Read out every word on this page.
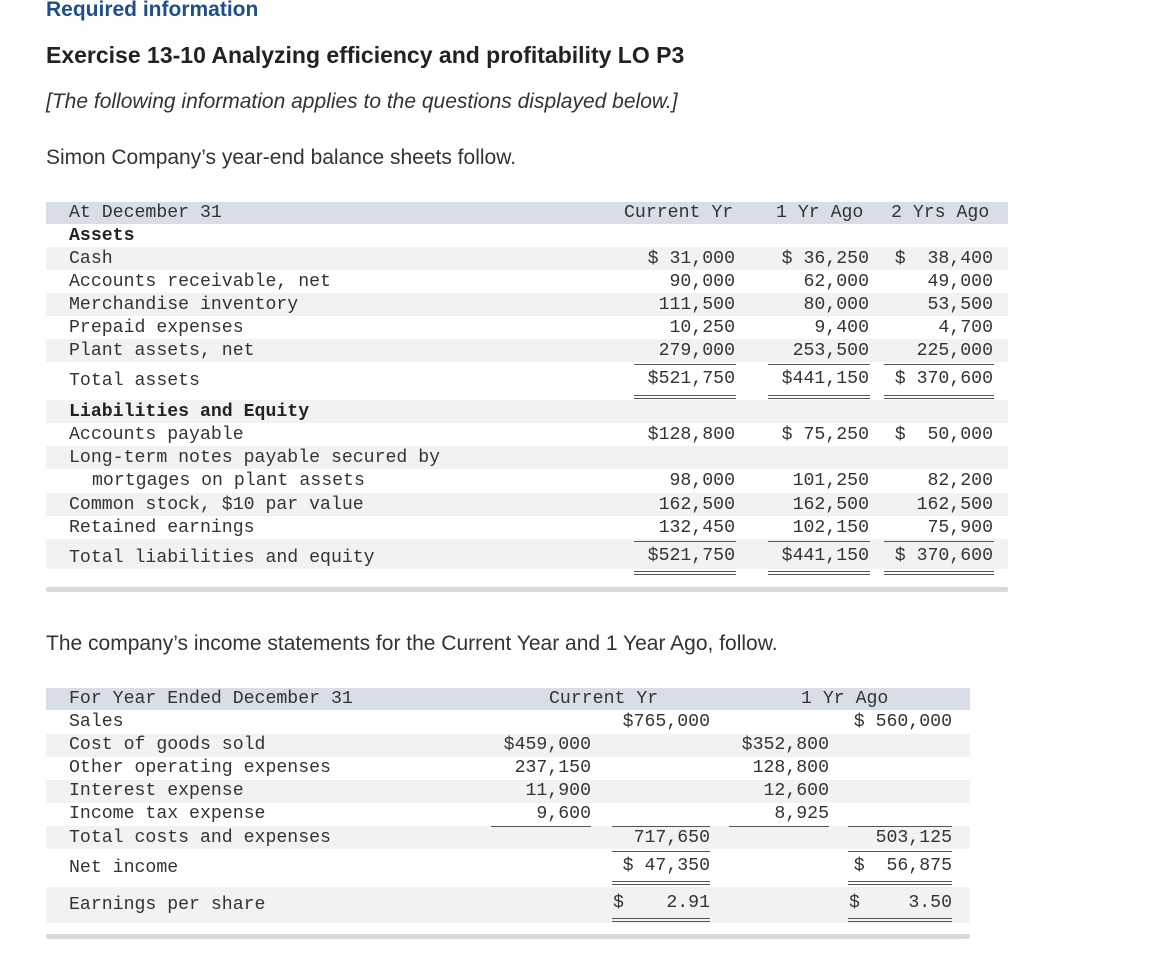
Required information
Exercise 13-10 Analyzing efficiency and profitability LO P3
[The following information applies to the questions displayed below.]
Simon Company’s year-end balance sheets follow.
At December 31	Current Yr 1 Yr Ago 2 Yrs Ago
Assets
Cash	$ 31,000	$ 36,250 $  38,400
Accounts receivable, net	90,000	62,000	49,000
Merchandise inventory	111,500	80,000	53,500
Prepaid expenses	10,250	9,400	4,700
Plant assets, net	279,000	253,500	225,000
Total assets	$521,750	$441,150 $ 370,600
Liabilities and Equity
Accounts payable	$128,800	$ 75,250 $  50,000
Long-term notes payable secured by
mortgages on plant assets	98,000	101,250	82,200
Common stock, $10 par value	162,500	162,500	162,500
Retained earnings	132,450	102,150	75,900
Total liabilities and equity	$521,750	$441,150 $ 370,600
The company’s income statements for the Current Year and 1 Year Ago, follow.
For Year Ended December 31	Current Yr	1 Yr Ago
Sales	$765,000	$ 560,000
Cost of goods sold	$459,000	$352,800
Other operating expenses	237,150	128,800
Interest expense	11,900	12,600
Income tax expense	9,600	8,925
Total costs and expenses	717,650	503,125
Net income	$ 47,350	$  56,875
Earnings per share	$ 2.91	$	3.50
